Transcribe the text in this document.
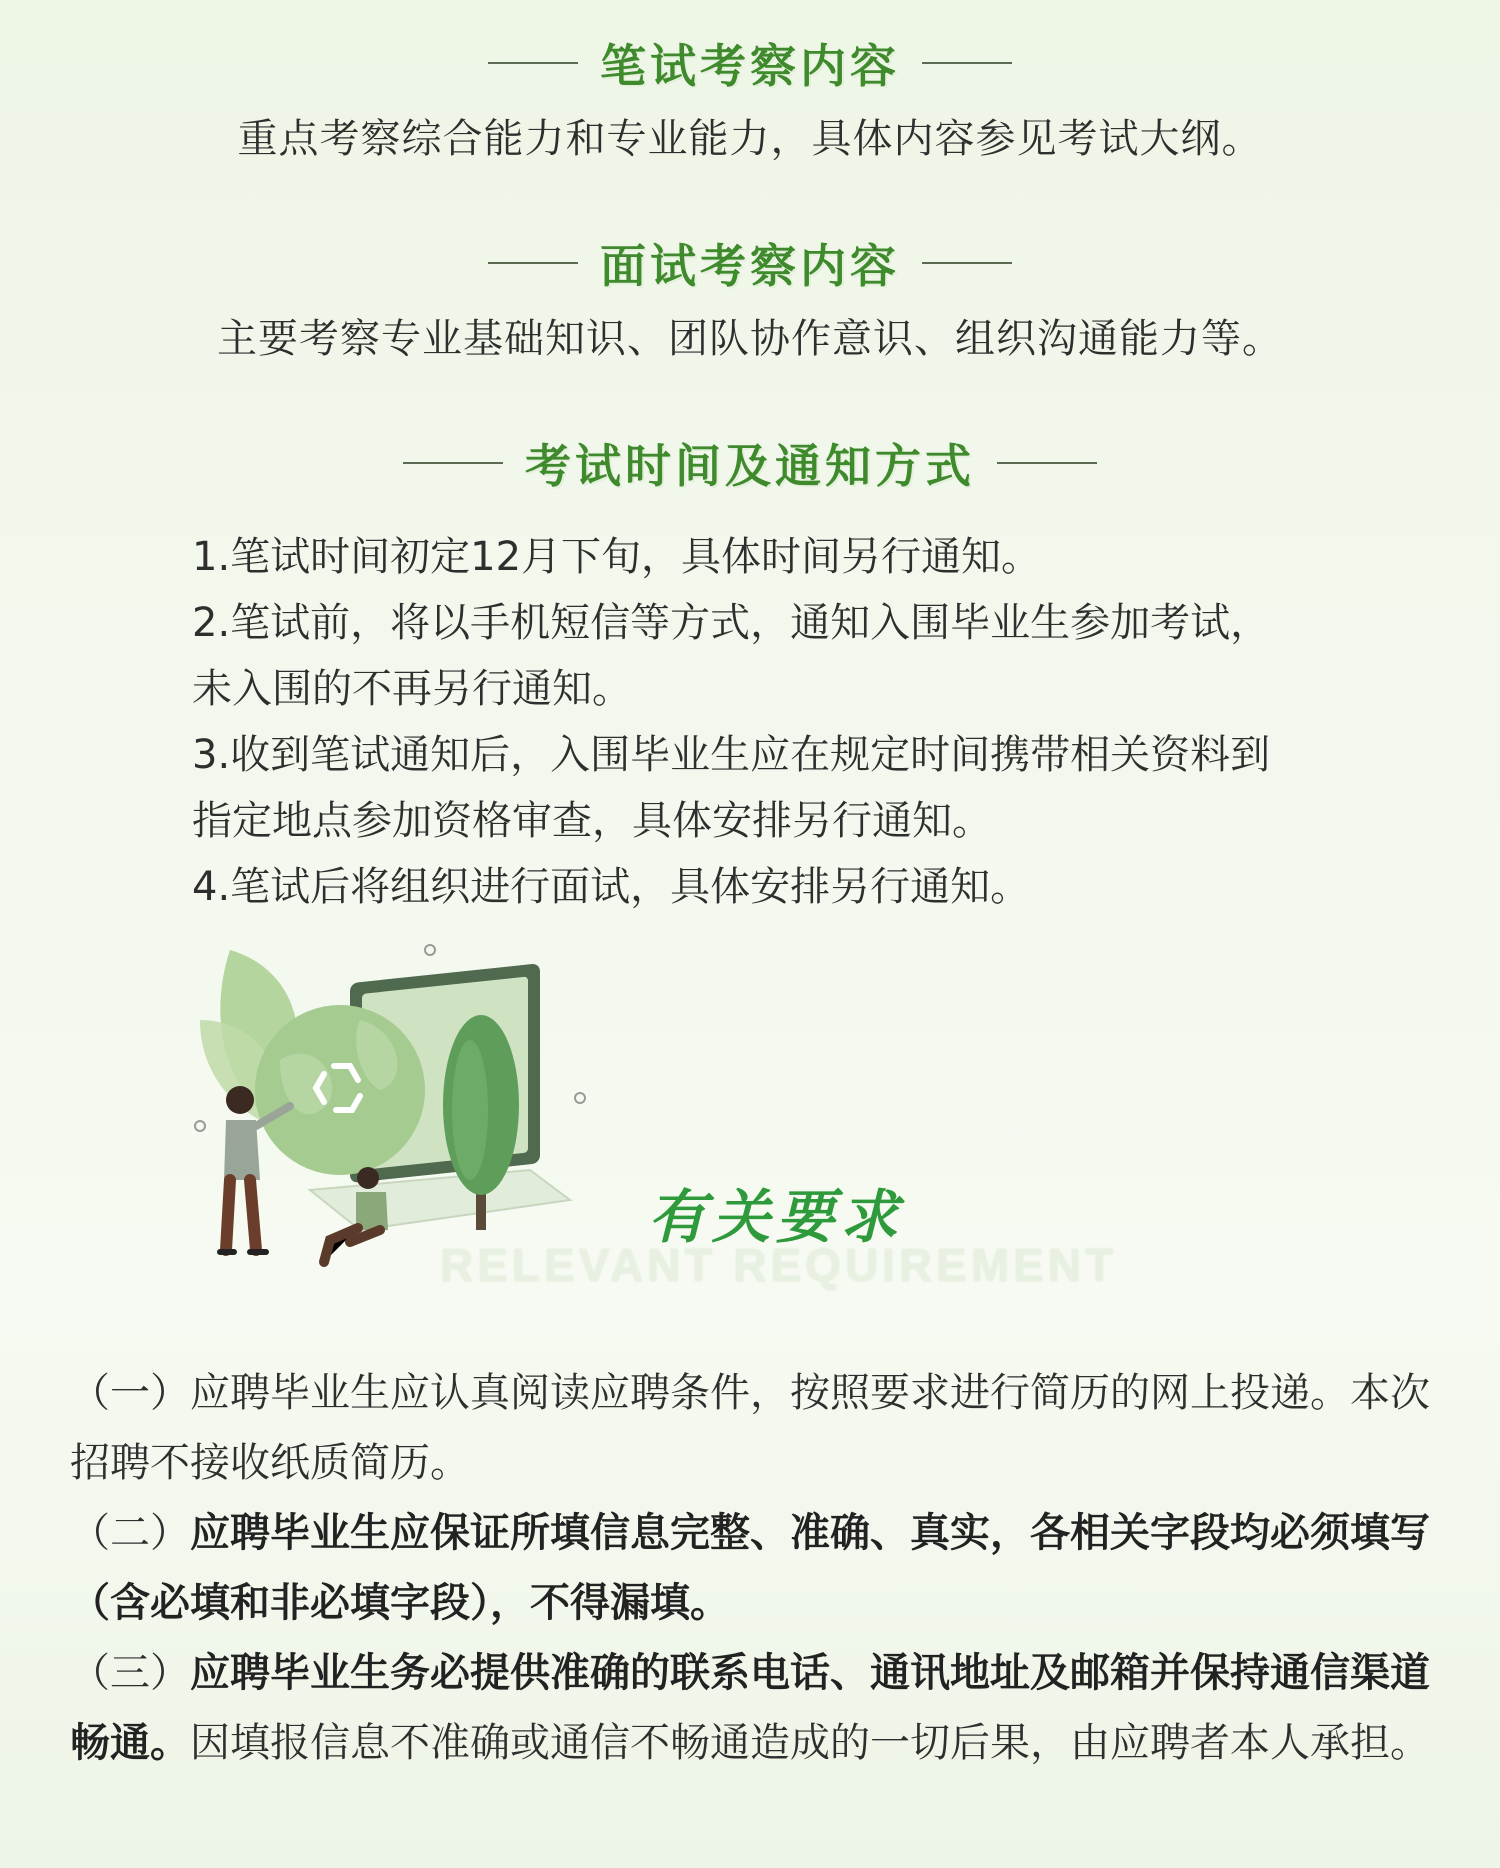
笔试考察内容
重点考察综合能力和专业能力，具体内容参见考试大纲。
面试考察内容
主要考察专业基础知识、团队协作意识、组织沟通能力等。
考试时间及通知方式
1.笔试时间初定12月下旬，具体时间另行通知。
2.笔试前，将以手机短信等方式，通知入围毕业生参加考试，
未入围的不再另行通知。
3.收到笔试通知后，入围毕业生应在规定时间携带相关资料到
指定地点参加资格审查，具体安排另行通知。
4.笔试后将组织进行面试，具体安排另行通知。
有关要求
RELEVANT REQUIREMENT
（一）应聘毕业生应认真阅读应聘条件，按照要求进行简历的网上投递。本次招聘不接收纸质简历。
（二）应聘毕业生应保证所填信息完整、准确、真实，各相关字段均必须填写（含必填和非必填字段），不得漏填。
（三）应聘毕业生务必提供准确的联系电话、通讯地址及邮箱并保持通信渠道畅通。因填报信息不准确或通信不畅通造成的一切后果，由应聘者本人承担。
